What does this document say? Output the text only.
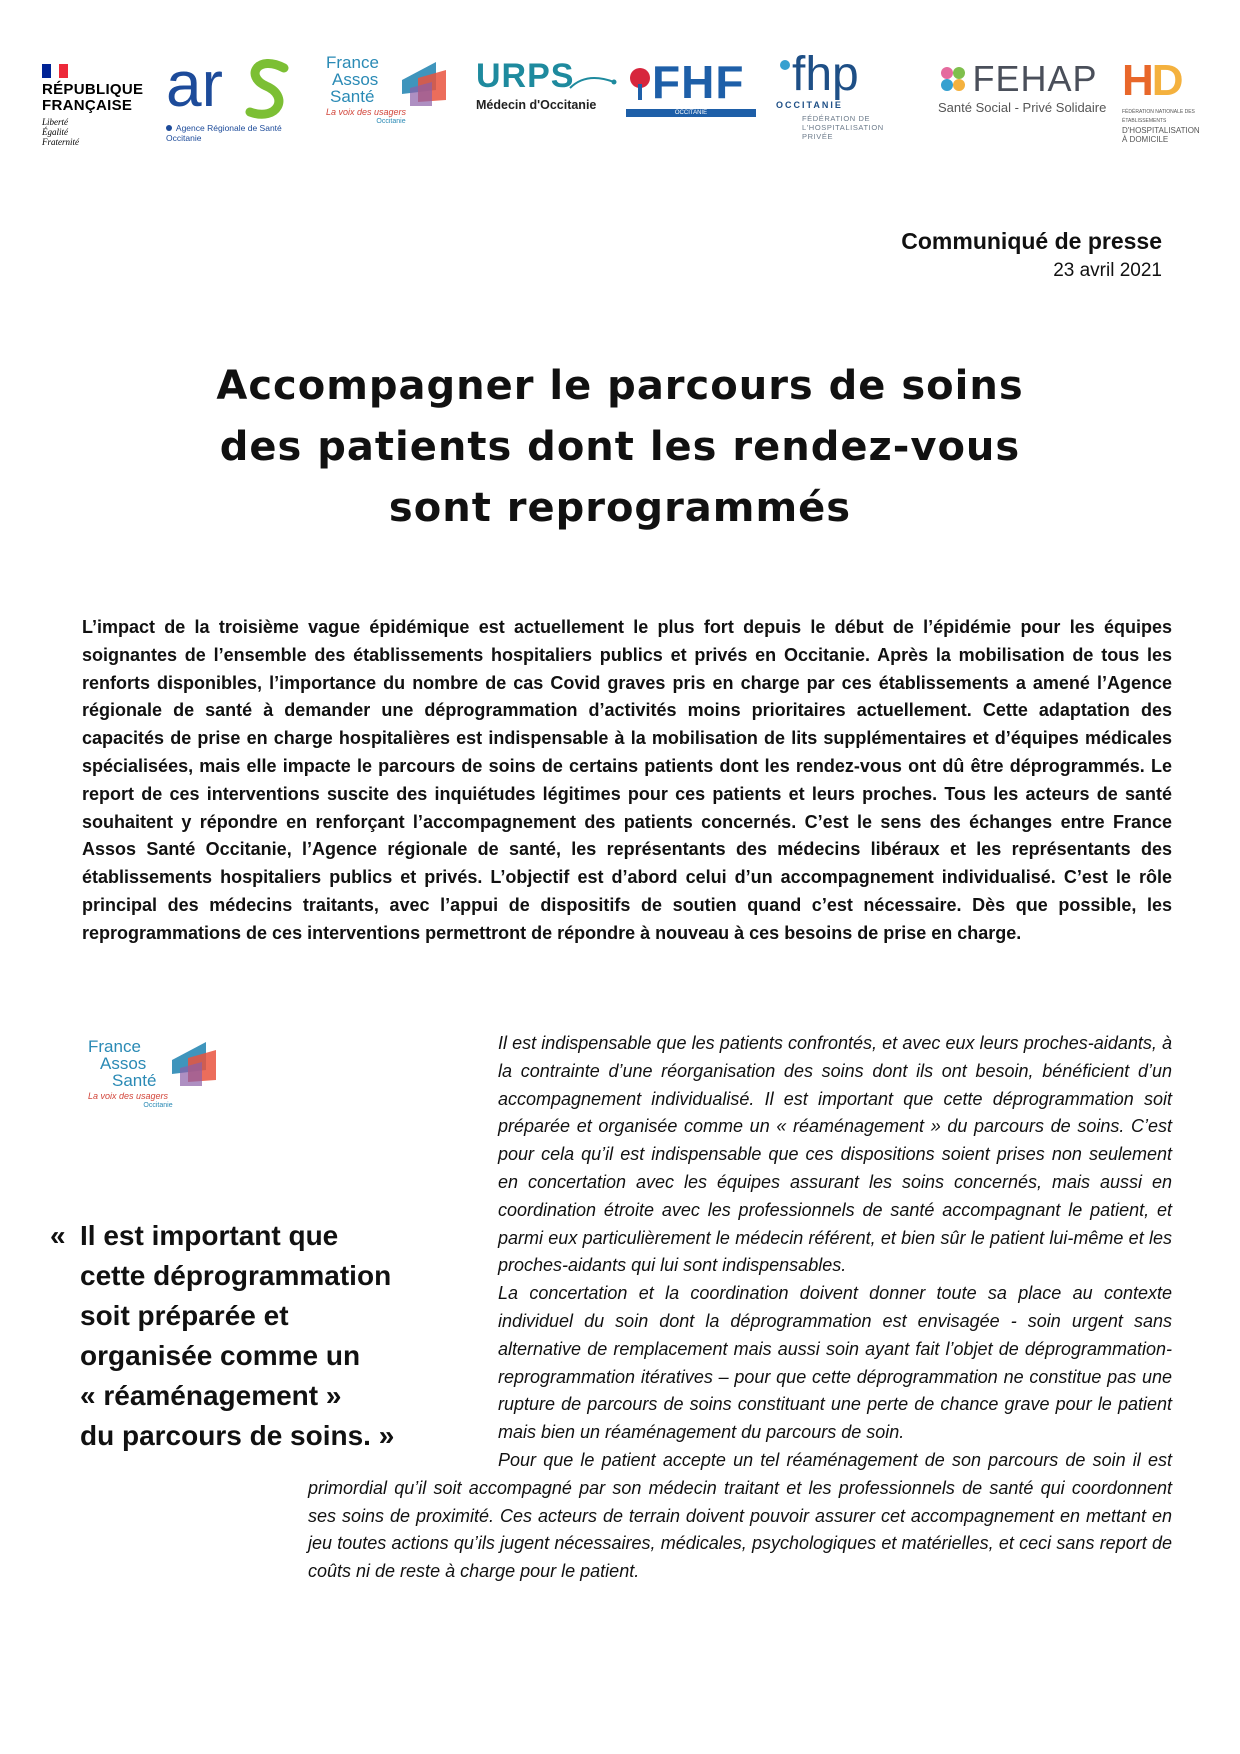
RÉPUBLIQUE
FRANÇAISE
Liberté
Égalité
Fraternité
ar
Agence Régionale de Santé
Occitanie
France
Assos
Santé
La voix des usagers
Occitanie
URPS
Médecin d'Occitanie	FHF
OCCITANIE
fhp
OCCITANIE
FÉDÉRATION DE
L'HOSPITALISATION
PRIVÉE
FEHAP
Santé Social - Privé Solidaire
HD
FÉDÉRATION NATIONALE DES ÉTABLISSEMENTS
D'HOSPITALISATION
À DOMICILE
Communiqué de presse
23 avril 2021
Accompagner le parcours de soins
des patients dont les rendez-vous
sont reprogrammés
L’impact de la troisième vague épidémique est actuellement le plus fort depuis le début de l’épidémie pour les équipes soignantes de l’ensemble des établissements hospitaliers publics et privés en Occitanie. Après la mobilisation de tous les renforts disponibles, l’importance du nombre de cas Covid graves pris en charge par ces établissements a amené l’Agence régionale de santé à demander une déprogrammation d’activités moins prioritaires actuellement. Cette adaptation des capacités de prise en charge hospitalières est indispensable à la mobilisation de lits supplémentaires et d’équipes médicales spécialisées, mais elle impacte le parcours de soins de certains patients dont les rendez-vous ont dû être déprogrammés. Le report de ces interventions suscite des inquiétudes légitimes pour ces patients et leurs proches. Tous les acteurs de santé souhaitent y répondre en renforçant l’accompagnement des patients concernés. C’est le sens des échanges entre France Assos Santé Occitanie, l’Agence régionale de santé, les représentants des médecins libéraux et les représentants des établissements hospitaliers publics et privés. L’objectif est d’abord celui d’un accompagnement individualisé. C’est le rôle principal des médecins traitants, avec l’appui de dispositifs de soutien quand c’est nécessaire. Dès que possible, les reprogrammations de ces interventions permettront de répondre à nouveau à ces besoins de prise en charge.
France
Assos
Santé
La voix des usagers
Occitanie

Il est indispensable que les patients confrontés, et avec eux leurs proches-aidants, à la contrainte d’une réorganisation des soins dont ils ont besoin, bénéficient d’un accompagnement individualisé. Il est important que cette déprogrammation soit préparée et organisée comme un « réaménagement » du parcours de soins. C’est pour cela qu’il est indispensable que ces dispositions soient prises non seulement en concertation avec les équipes assurant les soins concernés, mais aussi en coordination étroite avec les professionnels de santé accompagnant le patient, et parmi eux particulièrement le médecin référent, et bien sûr le patient lui-même et les proches-aidants qui lui sont indispensables.

La concertation et la coordination doivent donner toute sa place au contexte individuel du soin dont la déprogrammation est envisagée - soin urgent sans alternative de remplacement mais aussi soin ayant fait l’objet de déprogrammation-reprogrammation itératives – pour que cette déprogrammation ne constitue pas une rupture de parcours de soins constituant une perte de chance grave pour le patient mais bien un réaménagement du parcours de soin.

Pour que le patient accepte un tel réaménagement de son parcours de soin il est primordial qu’il soit accompagné par son médecin traitant et les professionnels de santé qui coordonnent ses soins de proximité. Ces acteurs de terrain doivent pouvoir assurer cet accompagnement en mettant en jeu toutes actions qu’ils jugent nécessaires, médicales, psychologiques et matérielles, et ceci sans report de coûts ni de reste à charge pour le patient.

« Il est important que
cette déprogrammation
soit préparée et
organisée comme un
« réaménagement »
du parcours de soins. »
